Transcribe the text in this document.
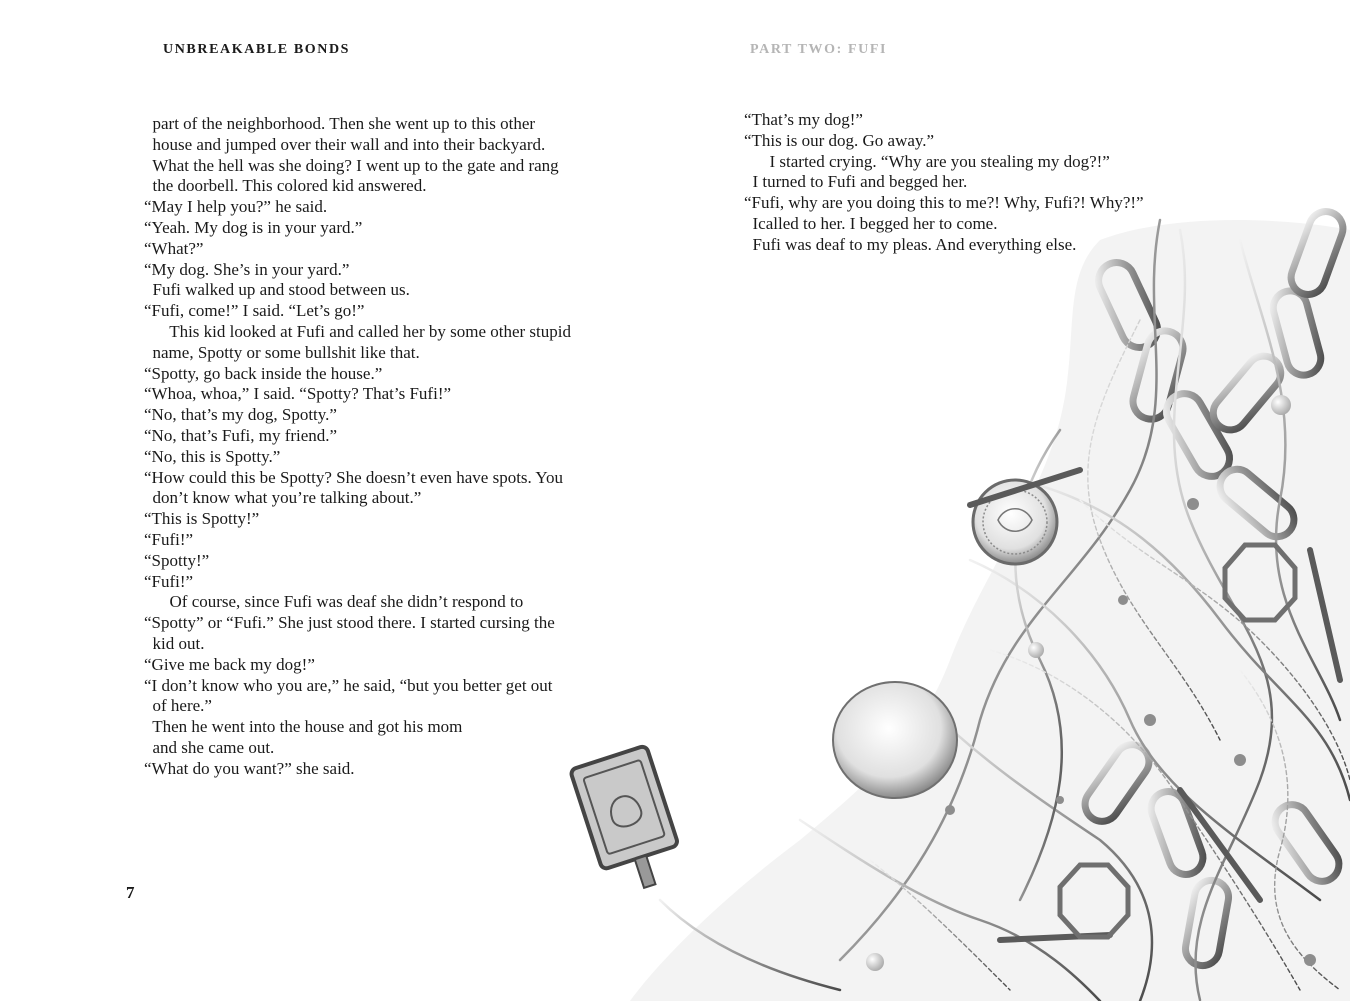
UNBREAKABLE BONDS	PART TWO: FUFI
part of the neighborhood. Then she went up to this other
house and jumped over their wall and into their backyard.
What the hell was she doing? I went up to the gate and rang
the doorbell. This colored kid answered.
“May I help you?” he said.
“Yeah. My dog is in your yard.”
“What?”
“My dog. She’s in your yard.”
Fufi walked up and stood between us.
“Fufi, come!” I said. “Let’s go!”
This kid looked at Fufi and called her by some other stupid
name, Spotty or some bullshit like that.
“Spotty, go back inside the house.”
“Whoa, whoa,” I said. “Spotty? That’s Fufi!”
“No, that’s my dog, Spotty.”
“No, that’s Fufi, my friend.”
“No, this is Spotty.”
“How could this be Spotty? She doesn’t even have spots. You
don’t know what you’re talking about.”
“This is Spotty!”
“Fufi!”
“Spotty!”
“Fufi!”
Of course, since Fufi was deaf she didn’t respond to
“Spotty” or “Fufi.” She just stood there. I started cursing the
kid out.
“Give me back my dog!”
“I don’t know who you are,” he said, “but you better get out
of here.”
Then he went into the house and got his mom
and she came out.
“What do you want?” she said.
“That’s my dog!”
“This is our dog. Go away.”
I started crying. “Why are you stealing my dog?!”
I turned to Fufi and begged her.
“Fufi, why are you doing this to me?! Why, Fufi?! Why?!”
Icalled to her. I begged her to come.
Fufi was deaf to my pleas. And everything else.
7
